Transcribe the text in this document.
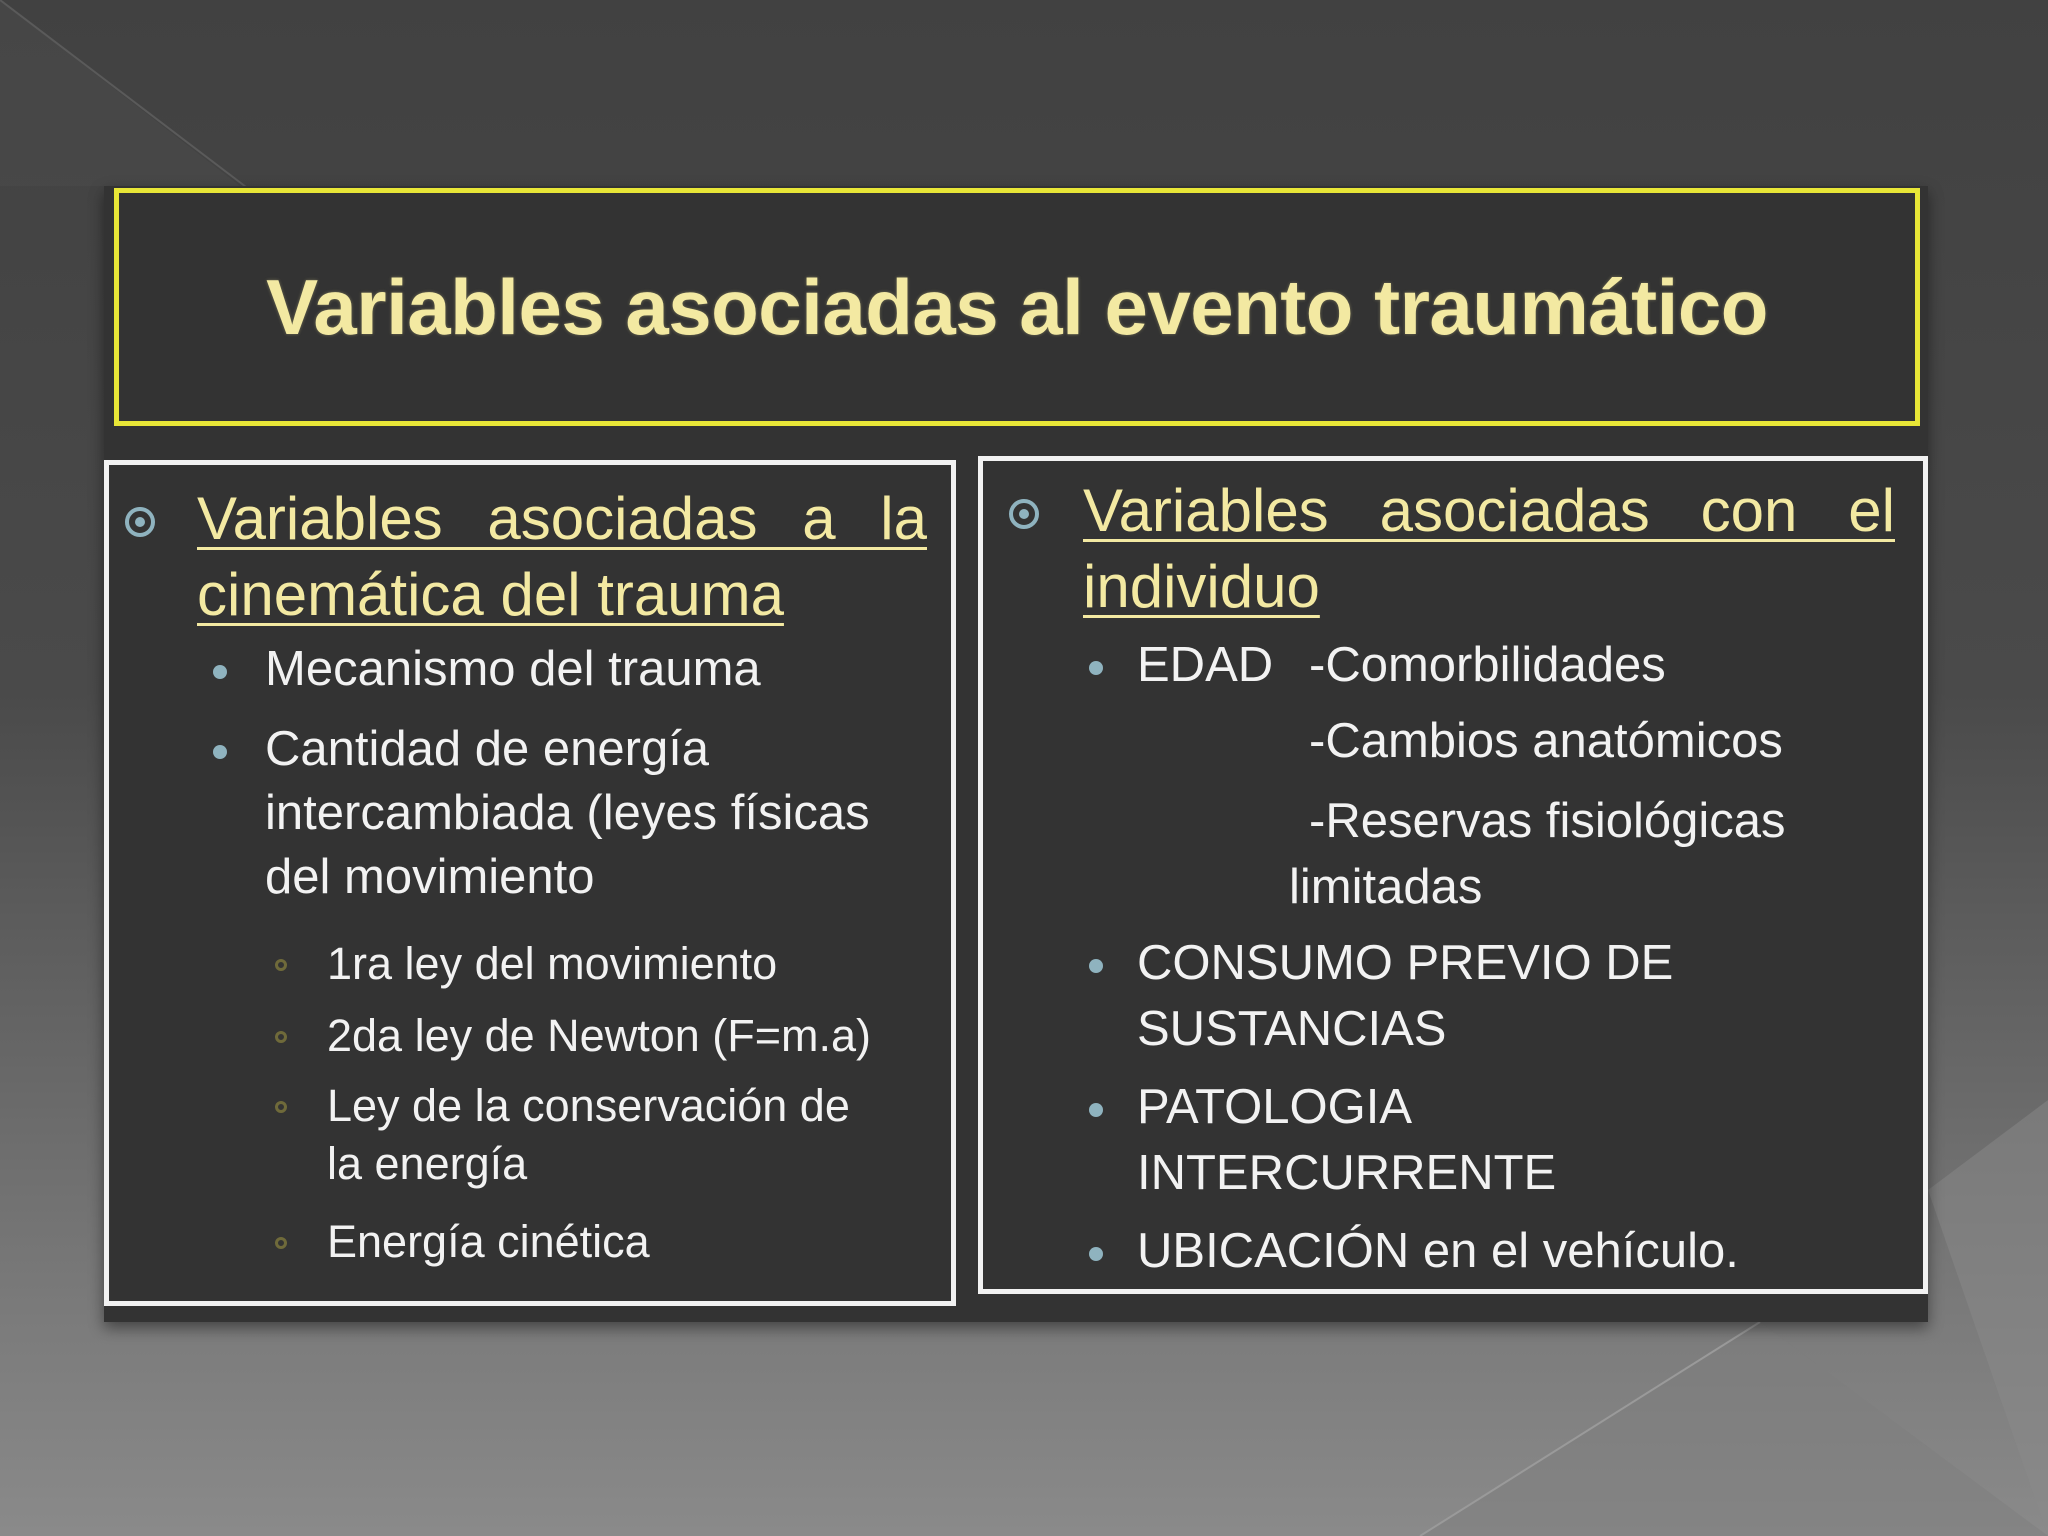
Variables asociadas al evento traumático
Variables asociadas a la cinemática del trauma
Mecanismo del trauma
Cantidad de energía
intercambiada (leyes físicas
del movimiento
1ra ley del movimiento
2da ley de Newton (F=m.a)
Ley de la conservación de
la energía
Energía cinética
Variables asociadas con el individuo
EDAD -Comorbilidades
-Cambios anatómicos
-Reservas fisiológicas
limitadas
CONSUMO PREVIO DE
SUSTANCIAS
PATOLOGIA
INTERCURRENTE
UBICACIÓN en el vehículo.
